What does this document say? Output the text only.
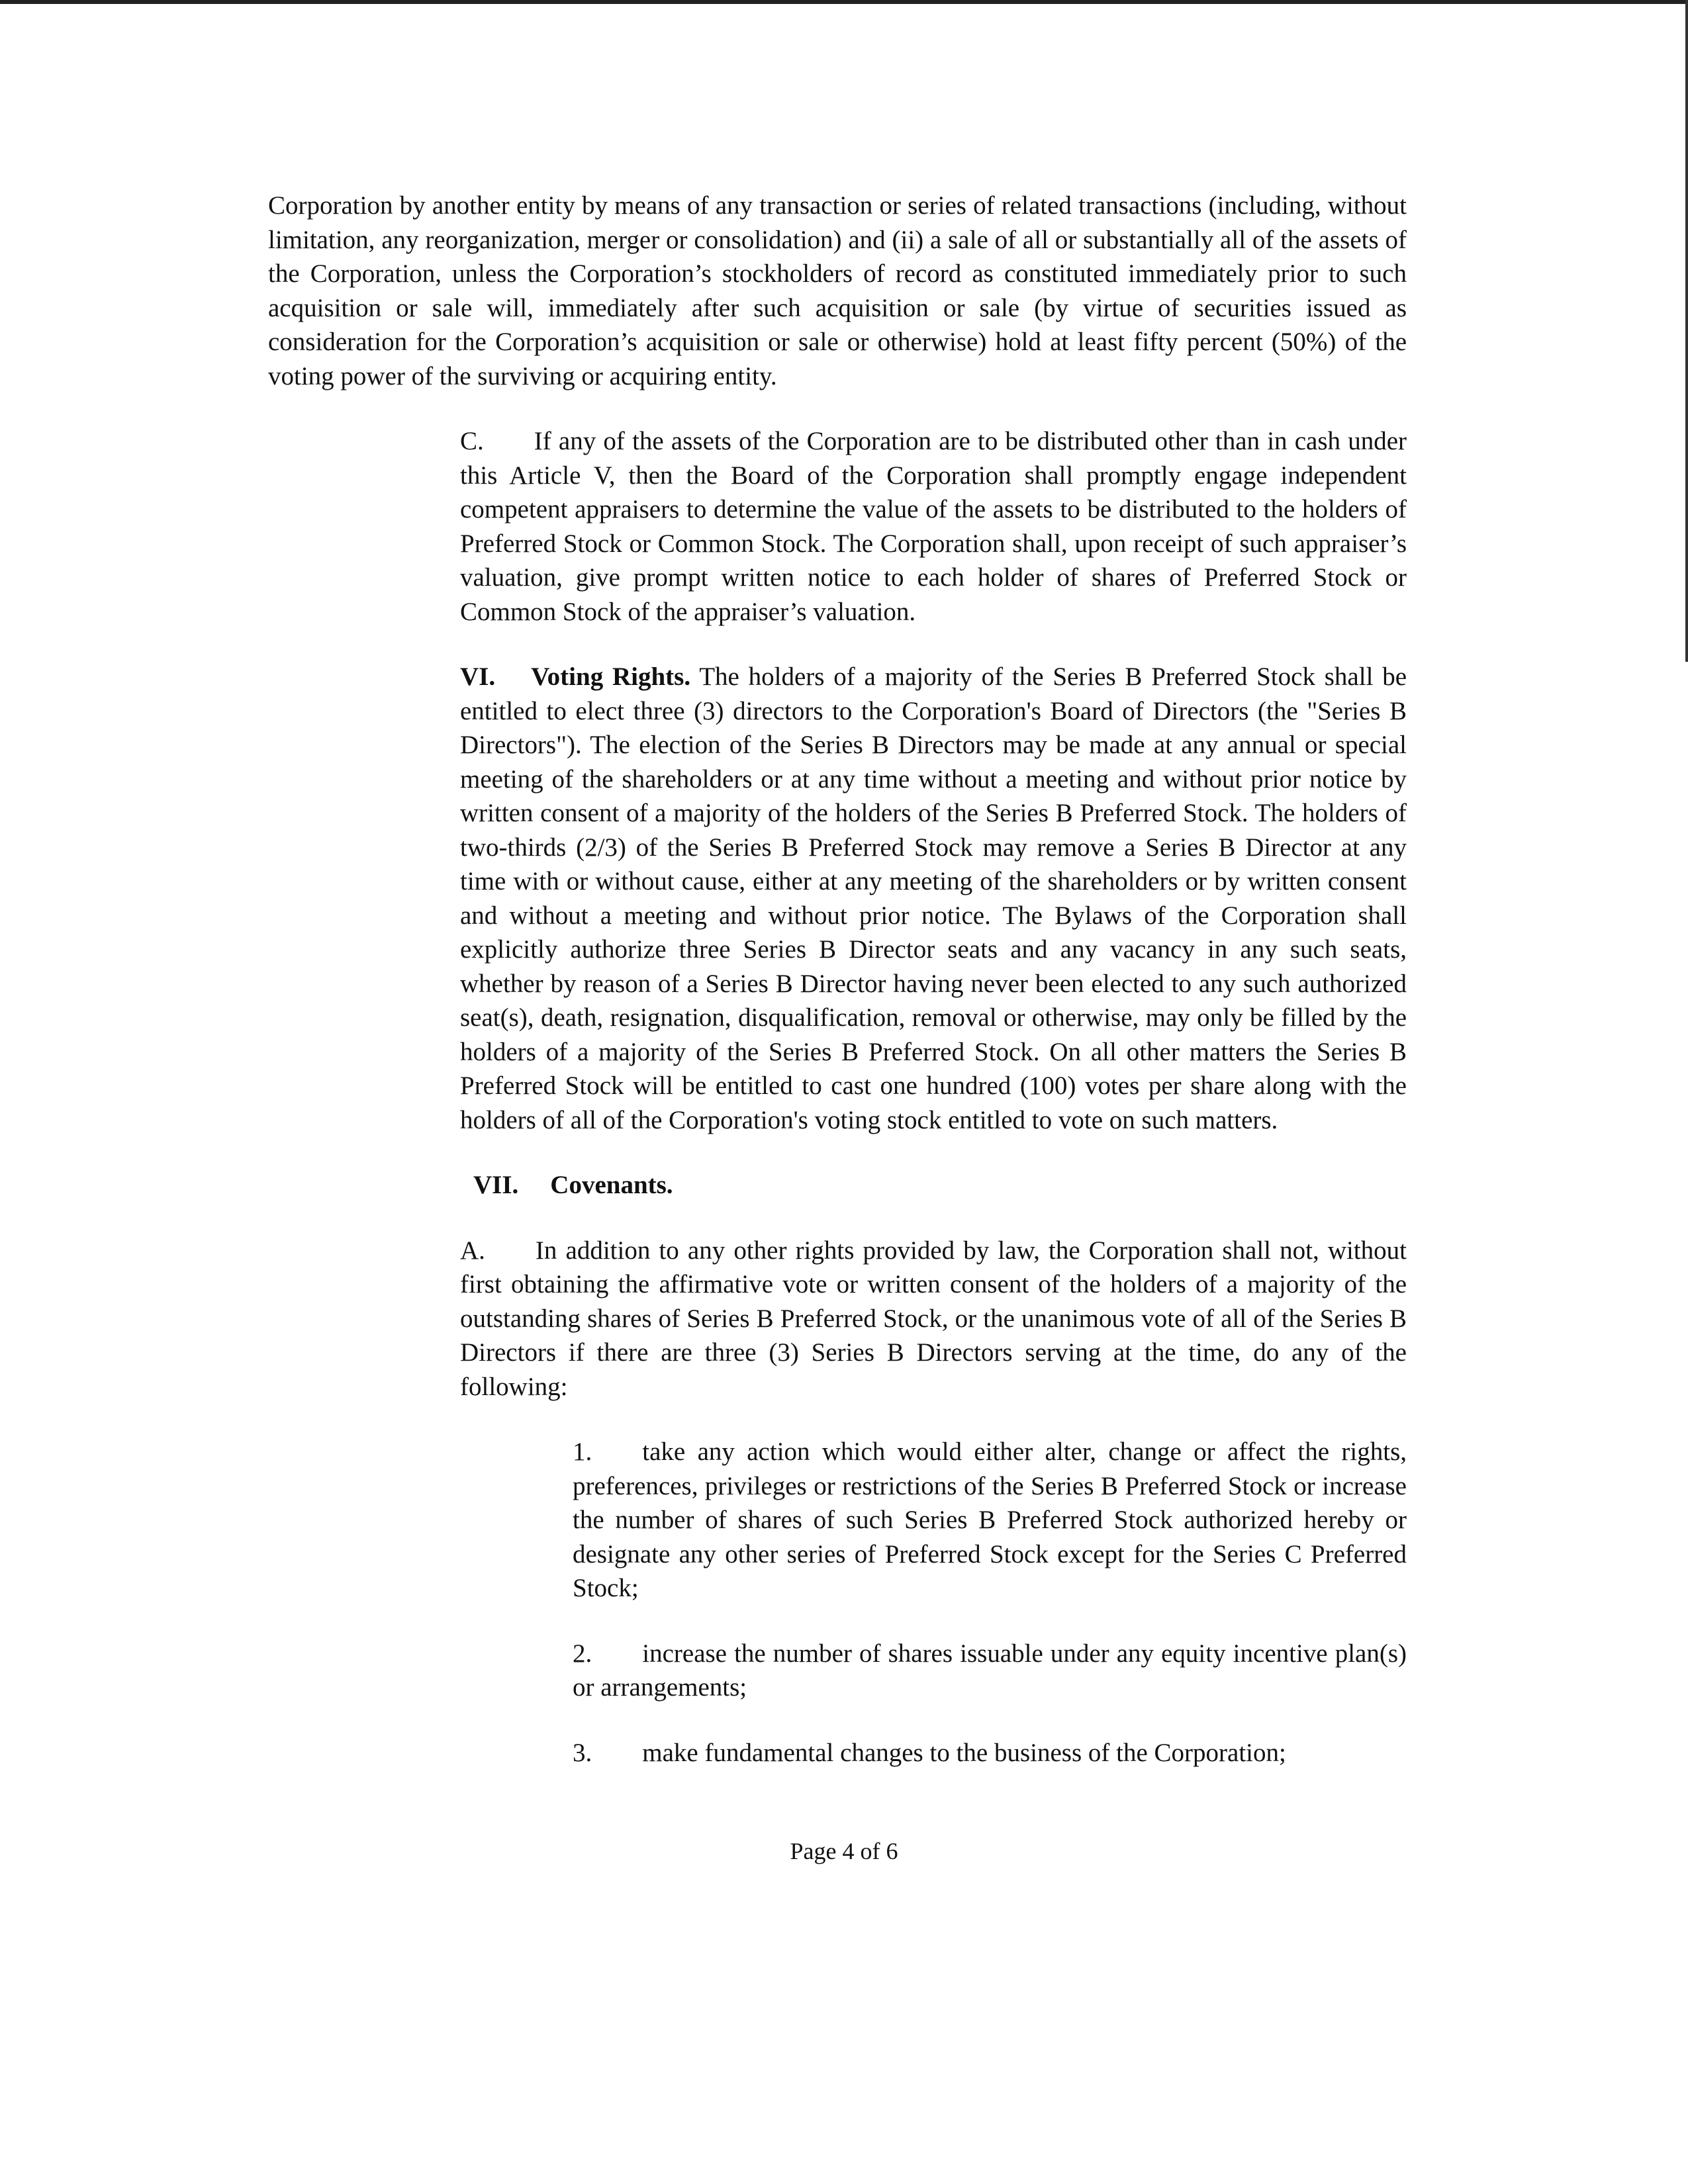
Corporation by another entity by means of any transaction or series of related transactions (including, without limitation, any reorganization, merger or consolidation) and (ii) a sale of all or substantially all of the assets of the Corporation, unless the Corporation’s stockholders of record as constituted immediately prior to such acquisition or sale will, immediately after such acquisition or sale (by virtue of securities issued as consideration for the Corporation’s acquisition or sale or otherwise) hold at least fifty percent (50%) of the voting power of the surviving or acquiring entity.

C. If any of the assets of the Corporation are to be distributed other than in cash under this Article V, then the Board of the Corporation shall promptly engage independent competent appraisers to determine the value of the assets to be distributed to the holders of Preferred Stock or Common Stock. The Corporation shall, upon receipt of such appraiser’s valuation, give prompt written notice to each holder of shares of Preferred Stock or Common Stock of the appraiser’s valuation.

VI. Voting Rights. The holders of a majority of the Series B Preferred Stock shall be entitled to elect three (3) directors to the Corporation's Board of Directors (the "Series B Directors"). The election of the Series B Directors may be made at any annual or special meeting of the shareholders or at any time without a meeting and without prior notice by written consent of a majority of the holders of the Series B Preferred Stock. The holders of two-thirds (2/3) of the Series B Preferred Stock may remove a Series B Director at any time with or without cause, either at any meeting of the shareholders or by written consent and without a meeting and without prior notice. The Bylaws of the Corporation shall explicitly authorize three Series B Director seats and any vacancy in any such seats, whether by reason of a Series B Director having never been elected to any such authorized seat(s), death, resignation, disqualification, removal or otherwise, may only be filled by the holders of a majority of the Series B Preferred Stock. On all other matters the Series B Preferred Stock will be entitled to cast one hundred (100) votes per share along with the holders of all of the Corporation's voting stock entitled to vote on such matters.

VII. Covenants.

A. In addition to any other rights provided by law, the Corporation shall not, without first obtaining the affirmative vote or written consent of the holders of a majority of the outstanding shares of Series B Preferred Stock, or the unanimous vote of all of the Series B Directors if there are three (3) Series B Directors serving at the time, do any of the following:

1. take any action which would either alter, change or affect the rights, preferences, privileges or restrictions of the Series B Preferred Stock or increase the number of shares of such Series B Preferred Stock authorized hereby or designate any other series of Preferred Stock except for the Series C Preferred Stock;

2. increase the number of shares issuable under any equity incentive plan(s) or arrangements;

3. make fundamental changes to the business of the Corporation;

Page 4 of 6
